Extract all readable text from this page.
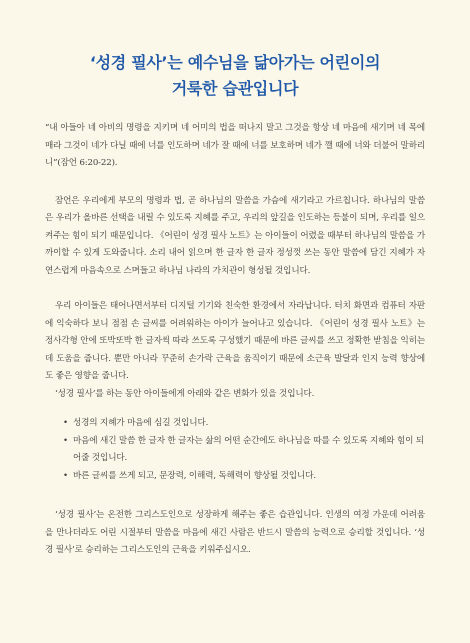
‘성경 필사’는 예수님을 닮아가는 어린이의
거룩한 습관입니다

“내 아들아 네 아비의 명령을 지키며 네 어미의 법을 떠나지 말고 그것을 항상 네 마음에 새기며 네 목에 매라 그것이 네가 다닐 때에 너를 인도하며 네가 잘 때에 너를 보호하며 네가 깰 때에 너와 더불어 말하리니”(잠언 6:20-22).

잠언은 우리에게 부모의 명령과 법, 곧 하나님의 말씀을 가슴에 새기라고 가르칩니다. 하나님의 말씀은 우리가 올바른 선택을 내릴 수 있도록 지혜를 주고, 우리의 앞길을 인도하는 등불이 되며, 우리를 일으켜주는 힘이 되기 때문입니다. 《어린이 성경 필사 노트》는 아이들이 어렸을 때부터 하나님의 말씀을 가까이할 수 있게 도와줍니다. 소리 내어 읽으며 한 글자 한 글자 정성껏 쓰는 동안 말씀에 담긴 지혜가 자연스럽게 마음속으로 스며들고 하나님 나라의 가치관이 형성될 것입니다.

우리 아이들은 태어나면서부터 디지털 기기와 친숙한 환경에서 자라납니다. 터치 화면과 컴퓨터 자판에 익숙하다 보니 점점 손 글씨를 어려워하는 아이가 늘어나고 있습니다. 《어린이 성경 필사 노트》는 정사각형 안에 또박또박 한 글자씩 따라 쓰도록 구성했기 때문에 바른 글씨를 쓰고 정확한 받침을 익히는 데 도움을 줍니다. 뿐만 아니라 꾸준히 손가락 근육을 움직이기 때문에 소근육 발달과 인지 능력 향상에도 좋은 영향을 줍니다.

‘성경 필사’를 하는 동안 아이들에게 아래와 같은 변화가 있을 것입니다.

• 성경의 지혜가 마음에 심길 것입니다.
• 마음에 새긴 말씀 한 글자 한 글자는 삶의 어떤 순간에도 하나님을 따를 수 있도록 지혜와 힘이 되어줄 것입니다.
• 바른 글씨를 쓰게 되고, 문장력, 이해력, 독해력이 향상될 것입니다.

‘성경 필사’는 온전한 그리스도인으로 성장하게 해주는 좋은 습관입니다. 인생의 여정 가운데 어려움을 만나더라도 어린 시절부터 말씀을 마음에 새긴 사람은 반드시 말씀의 능력으로 승리할 것입니다. ‘성경 필사’로 승리하는 그리스도인의 근육을 키워주십시오.
